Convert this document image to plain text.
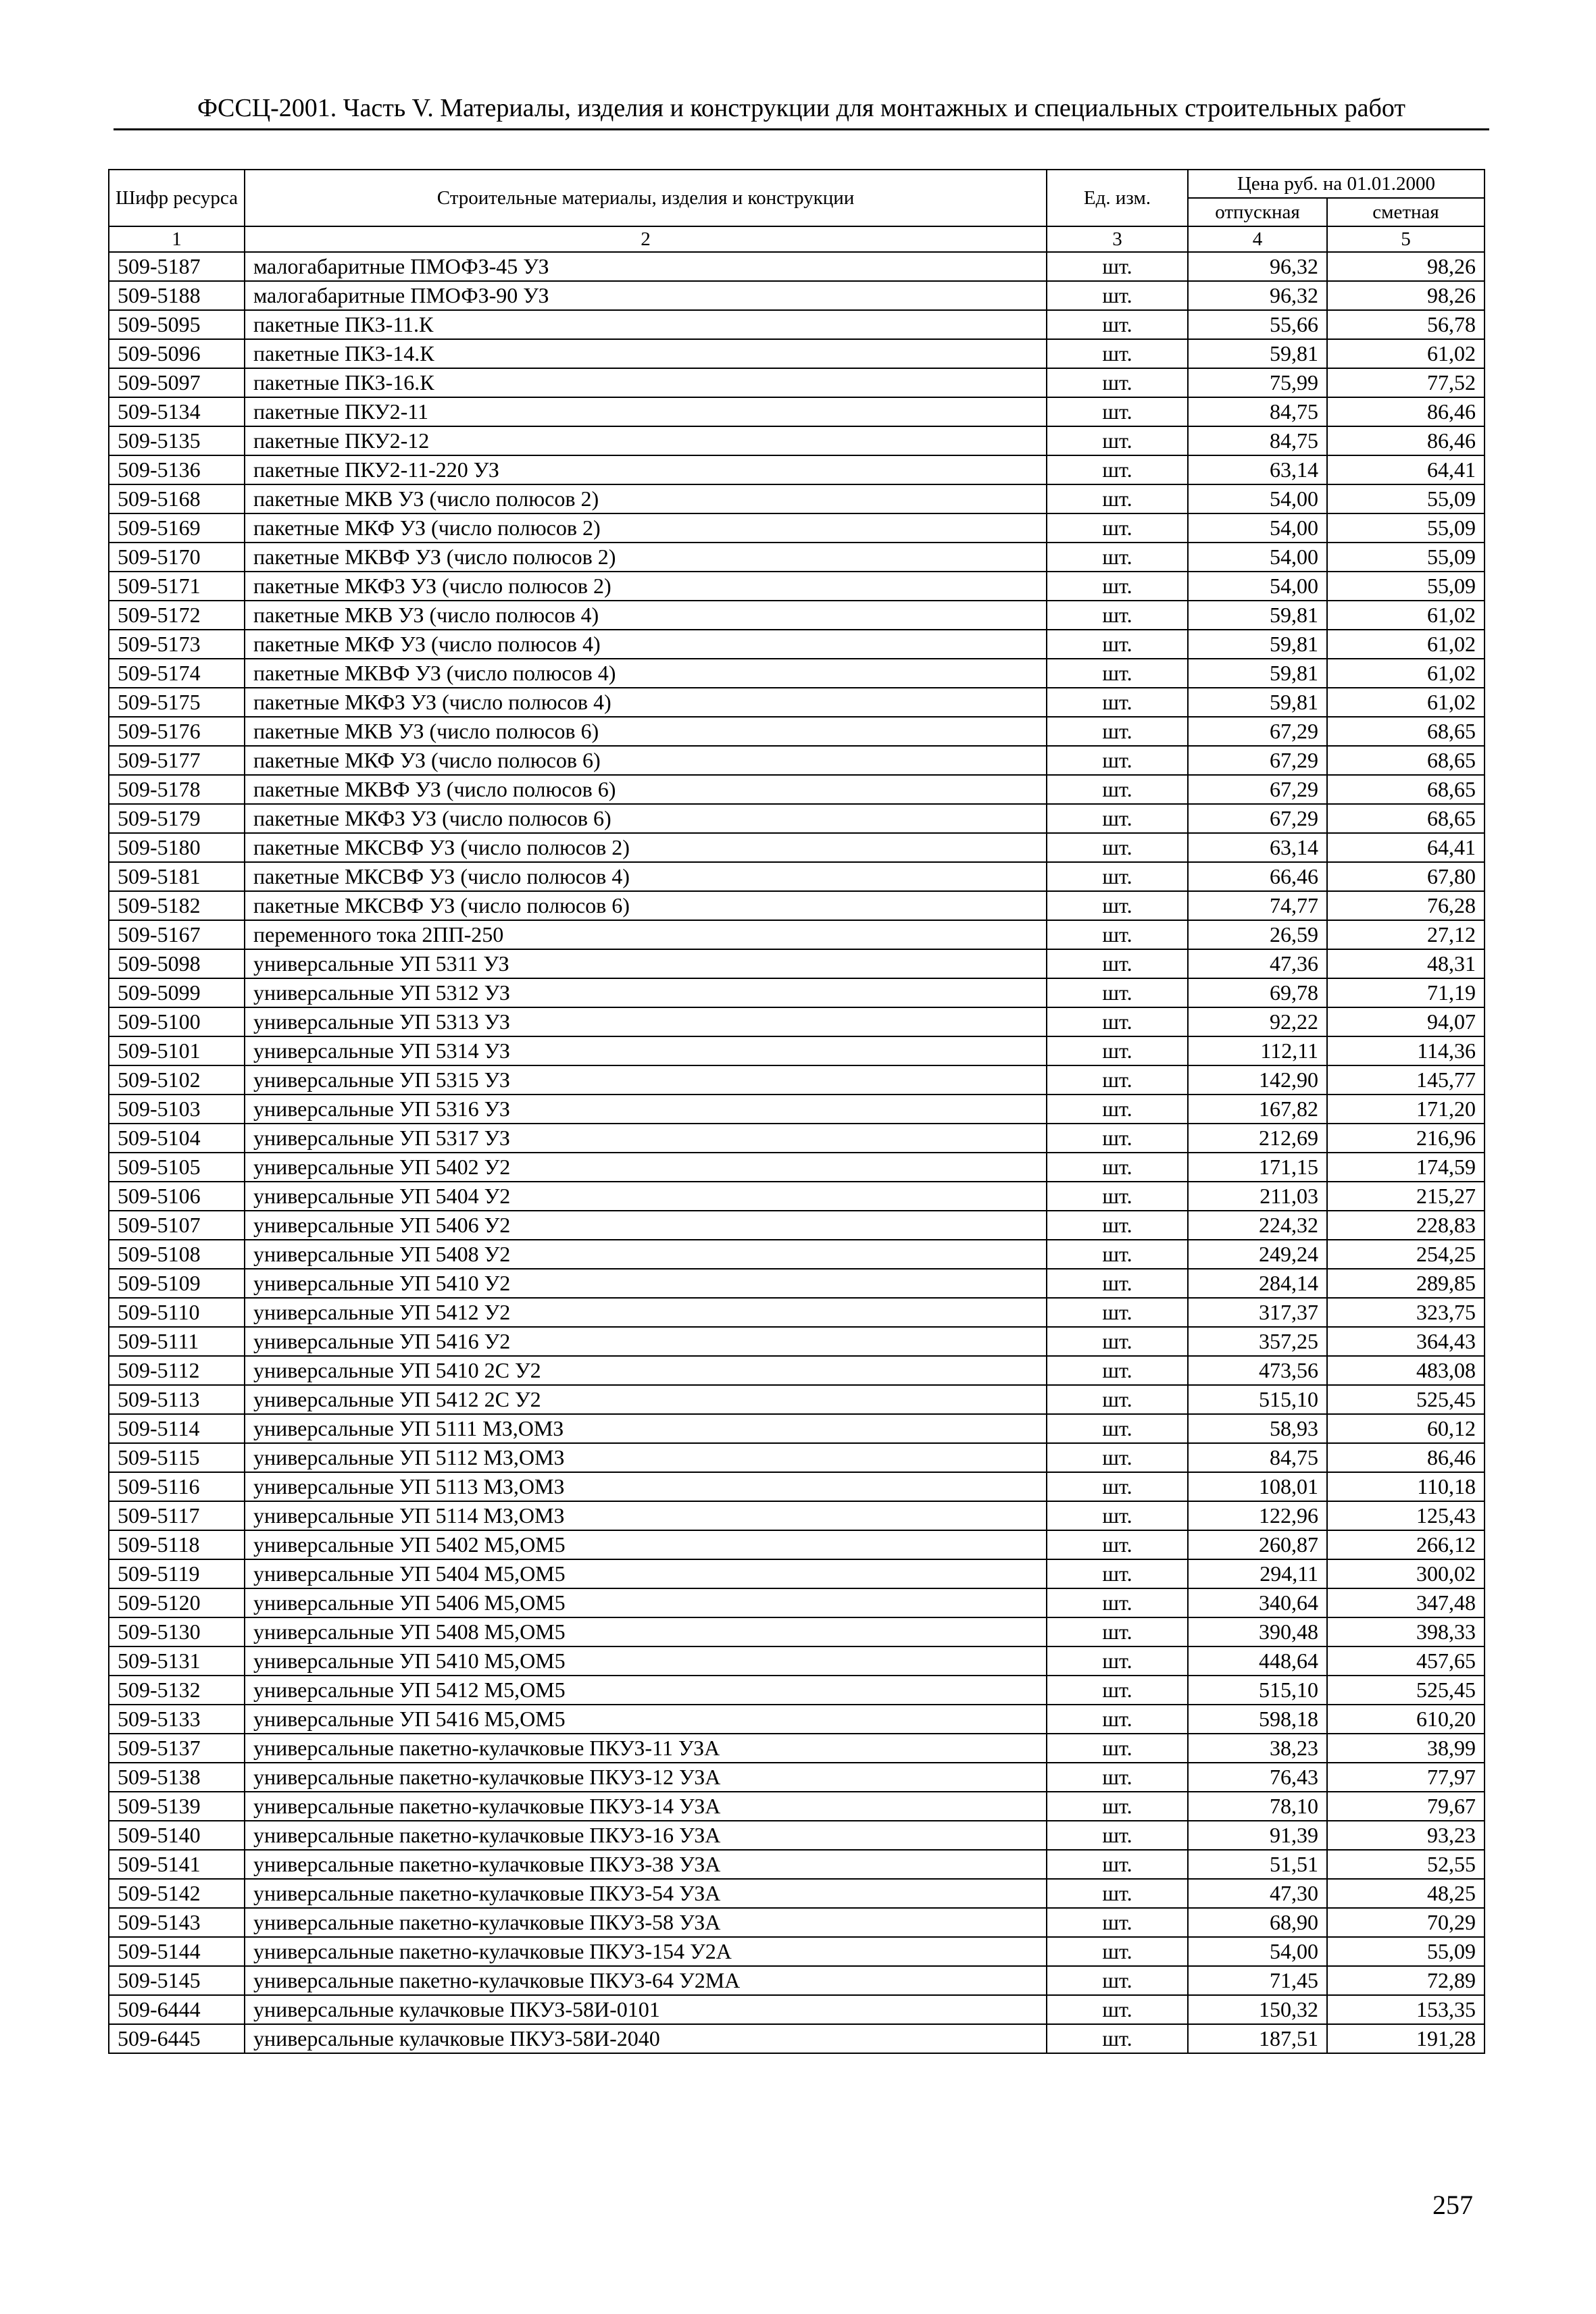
ФССЦ-2001. Часть V. Материалы, изделия и конструкции для монтажных и специальных строительных работ
Шифр ресурса	Строительные материалы, изделия и конструкции	Ед. изм.	Цена руб. на 01.01.2000	
			отпускная	сметная
1	2	3	4	5
509-5187	малогабаритные ПМОФЗ-45 УЗ	шт.	96,32	98,26
509-5188	малогабаритные ПМОФЗ-90 УЗ	шт.	96,32	98,26
509-5095	пакетные ПКЗ-11.К	шт.	55,66	56,78
509-5096	пакетные ПКЗ-14.К	шт.	59,81	61,02
509-5097	пакетные ПКЗ-16.К	шт.	75,99	77,52
509-5134	пакетные ПКУ2-11	шт.	84,75	86,46
509-5135	пакетные ПКУ2-12	шт.	84,75	86,46
509-5136	пакетные ПКУ2-11-220 УЗ	шт.	63,14	64,41
509-5168	пакетные МКВ УЗ (число полюсов 2)	шт.	54,00	55,09
509-5169	пакетные МКФ УЗ (число полюсов 2)	шт.	54,00	55,09
509-5170	пакетные МКВФ УЗ (число полюсов 2)	шт.	54,00	55,09
509-5171	пакетные МКФЗ УЗ (число полюсов 2)	шт.	54,00	55,09
509-5172	пакетные МКВ УЗ (число полюсов 4)	шт.	59,81	61,02
509-5173	пакетные МКФ УЗ (число полюсов 4)	шт.	59,81	61,02
509-5174	пакетные МКВФ УЗ (число полюсов 4)	шт.	59,81	61,02
509-5175	пакетные МКФЗ УЗ (число полюсов 4)	шт.	59,81	61,02
509-5176	пакетные МКВ УЗ (число полюсов 6)	шт.	67,29	68,65
509-5177	пакетные МКФ УЗ (число полюсов 6)	шт.	67,29	68,65
509-5178	пакетные МКВФ УЗ (число полюсов 6)	шт.	67,29	68,65
509-5179	пакетные МКФЗ УЗ (число полюсов 6)	шт.	67,29	68,65
509-5180	пакетные МКСВФ УЗ (число полюсов 2)	шт.	63,14	64,41
509-5181	пакетные МКСВФ УЗ (число полюсов 4)	шт.	66,46	67,80
509-5182	пакетные МКСВФ УЗ (число полюсов 6)	шт.	74,77	76,28
509-5167	переменного тока 2ПП-250	шт.	26,59	27,12
509-5098	универсальные УП 5311 УЗ	шт.	47,36	48,31
509-5099	универсальные УП 5312 УЗ	шт.	69,78	71,19
509-5100	универсальные УП 5313 УЗ	шт.	92,22	94,07
509-5101	универсальные УП 5314 УЗ	шт.	112,11	114,36
509-5102	универсальные УП 5315 УЗ	шт.	142,90	145,77
509-5103	универсальные УП 5316 УЗ	шт.	167,82	171,20
509-5104	универсальные УП 5317 УЗ	шт.	212,69	216,96
509-5105	универсальные УП 5402 У2	шт.	171,15	174,59
509-5106	универсальные УП 5404 У2	шт.	211,03	215,27
509-5107	универсальные УП 5406 У2	шт.	224,32	228,83
509-5108	универсальные УП 5408 У2	шт.	249,24	254,25
509-5109	универсальные УП 5410 У2	шт.	284,14	289,85
509-5110	универсальные УП 5412 У2	шт.	317,37	323,75
509-5111	универсальные УП 5416 У2	шт.	357,25	364,43
509-5112	универсальные УП 5410 2С У2	шт.	473,56	483,08
509-5113	универсальные УП 5412 2С У2	шт.	515,10	525,45
509-5114	универсальные УП 5111 МЗ,ОМЗ	шт.	58,93	60,12
509-5115	универсальные УП 5112 МЗ,ОМЗ	шт.	84,75	86,46
509-5116	универсальные УП 5113 МЗ,ОМЗ	шт.	108,01	110,18
509-5117	универсальные УП 5114 МЗ,ОМЗ	шт.	122,96	125,43
509-5118	универсальные УП 5402 М5,ОМ5	шт.	260,87	266,12
509-5119	универсальные УП 5404 М5,ОМ5	шт.	294,11	300,02
509-5120	универсальные УП 5406 М5,ОМ5	шт.	340,64	347,48
509-5130	универсальные УП 5408 М5,ОМ5	шт.	390,48	398,33
509-5131	универсальные УП 5410 М5,ОМ5	шт.	448,64	457,65
509-5132	универсальные УП 5412 М5,ОМ5	шт.	515,10	525,45
509-5133	универсальные УП 5416 М5,ОМ5	шт.	598,18	610,20
509-5137	универсальные пакетно-кулачковые ПКУЗ-11 УЗА	шт.	38,23	38,99
509-5138	универсальные пакетно-кулачковые ПКУЗ-12 УЗА	шт.	76,43	77,97
509-5139	универсальные пакетно-кулачковые ПКУЗ-14 УЗА	шт.	78,10	79,67
509-5140	универсальные пакетно-кулачковые ПКУЗ-16 УЗА	шт.	91,39	93,23
509-5141	универсальные пакетно-кулачковые ПКУЗ-38 УЗА	шт.	51,51	52,55
509-5142	универсальные пакетно-кулачковые ПКУЗ-54 УЗА	шт.	47,30	48,25
509-5143	универсальные пакетно-кулачковые ПКУЗ-58 УЗА	шт.	68,90	70,29
509-5144	универсальные пакетно-кулачковые ПКУЗ-154 У2А	шт.	54,00	55,09
509-5145	универсальные пакетно-кулачковые ПКУЗ-64 У2МА	шт.	71,45	72,89
509-6444	универсальные кулачковые ПКУЗ-58И-0101	шт.	150,32	153,35
509-6445	универсальные кулачковые ПКУЗ-58И-2040	шт.	187,51	191,28
257
